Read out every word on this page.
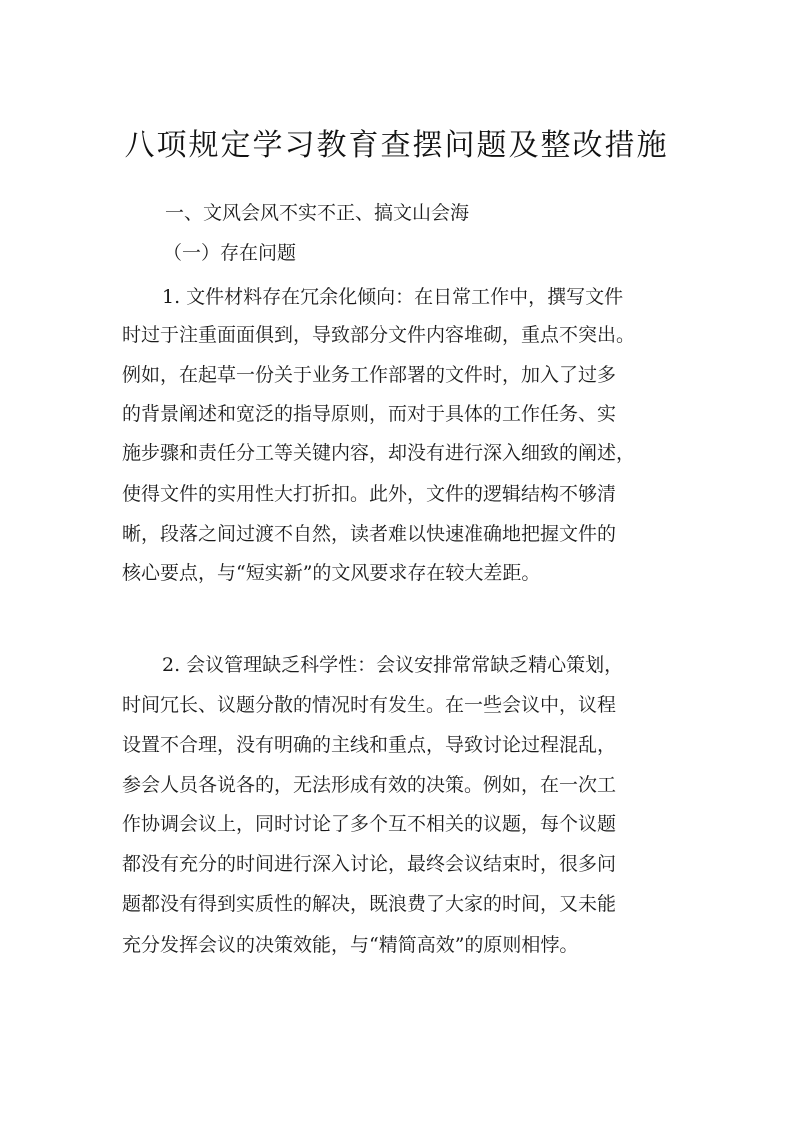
八项规定学习教育查摆问题及整改措施
一、文风会风不实不正、搞文山会海
（一）存在问题
1. 文件材料存在冗余化倾向：在日常工作中，撰写文件
时过于注重面面俱到，导致部分文件内容堆砌，重点不突出。
例如，在起草一份关于业务工作部署的文件时，加入了过多
的背景阐述和宽泛的指导原则，而对于具体的工作任务、实
施步骤和责任分工等关键内容，却没有进行深入细致的阐述，
使得文件的实用性大打折扣。此外，文件的逻辑结构不够清
晰，段落之间过渡不自然，读者难以快速准确地把握文件的
核心要点，与“短实新”的文风要求存在较大差距。
2. 会议管理缺乏科学性：会议安排常常缺乏精心策划，
时间冗长、议题分散的情况时有发生。在一些会议中，议程
设置不合理，没有明确的主线和重点，导致讨论过程混乱，
参会人员各说各的，无法形成有效的决策。例如，在一次工
作协调会议上，同时讨论了多个互不相关的议题，每个议题
都没有充分的时间进行深入讨论，最终会议结束时，很多问
题都没有得到实质性的解决，既浪费了大家的时间，又未能
充分发挥会议的决策效能，与“精简高效”的原则相悖。
